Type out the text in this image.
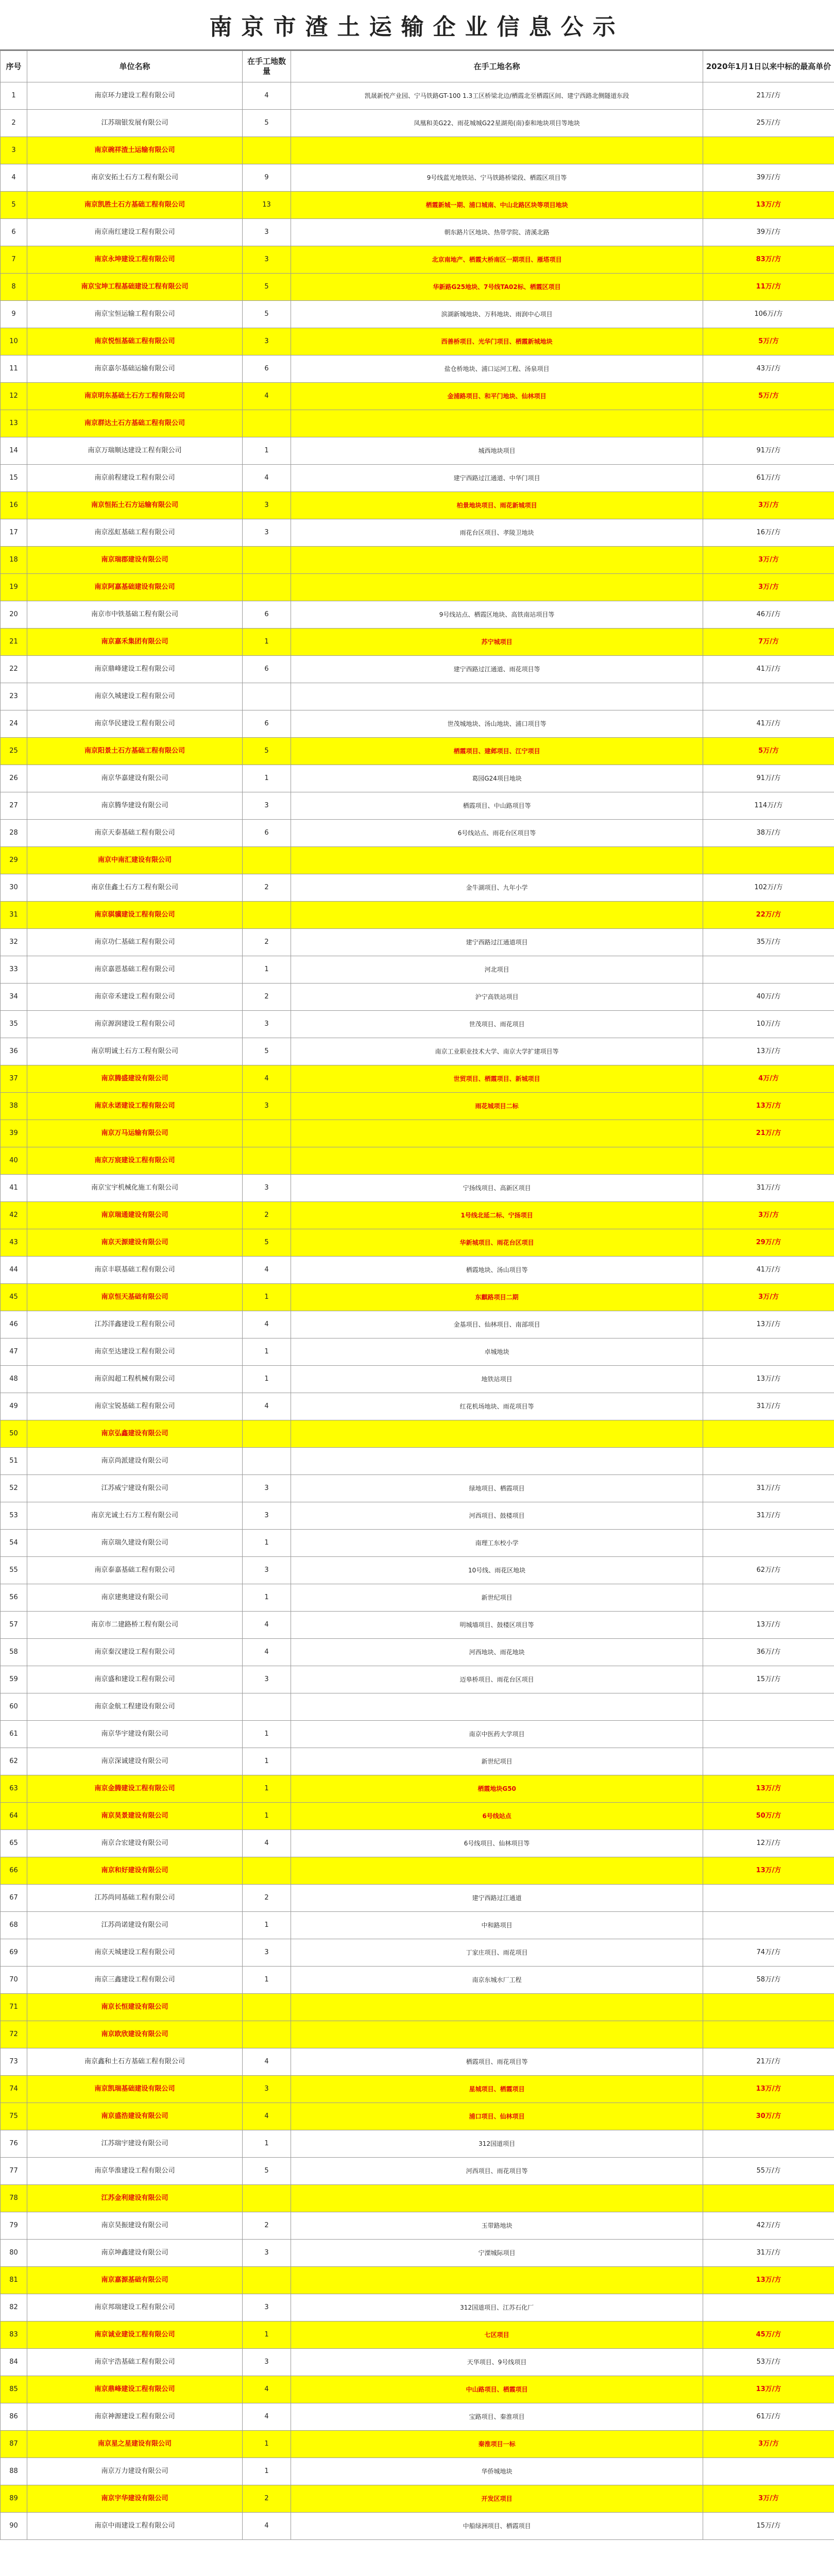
南京市渣土运输企业信息公示
序号	单位名称	在手工地数量	在手工地名称	2020年1月1日以来中标的最高单价
1	南京环力建设工程有限公司	4	凯晟新悦产业园、宁马铁路GT-100 1.3工区桥梁北边/栖霞北至栖霞区间、建宁西路北侧隧道东段	21万/方
2	江苏瑞银发展有限公司	5	凤凰和美G22、雨花城城G22星湖苑(南)泰和地块项目等地块	25万/方
3	南京碗祥渣土运输有限公司			
4	南京安拓土石方工程有限公司	9	9号线蓝光地铁站、宁马铁路桥梁段、栖霞区项目等	39万/方
5	南京凯胜土石方基础工程有限公司	13	栖霞新城一期、浦口城南、中山北路区块等项目地块	13万/方
6	南京南红建设工程有限公司	3	朝东路片区地块、热带学院、清溪北路	39万/方
7	南京永坤建设工程有限公司	3	北京南地产、栖霞大桥南区一期项目、雁塔项目	83万/方
8	南京宝坤工程基础建设工程有限公司	5	华新路G25地块、7号线TA02标、栖霞区项目	11万/方
9	南京宝恒运输工程有限公司	5	滨湖新城地块、万科地块、雨润中心项目	106万/方
10	南京悦恒基础工程有限公司	3	西善桥项目、光华门项目、栖霞新城地块	5万/方
11	南京嘉尔基础运输有限公司	6	盐仓桥地块、浦口运河工程、汤泉项目	43万/方
12	南京明东基础土石方工程有限公司	4	金浦路项目、和平门地块、仙林项目	5万/方
13	南京群达土石方基础工程有限公司			
14	南京万瑞顺达建设工程有限公司	1	城西地块项目	91万/方
15	南京前程建设工程有限公司	4	建宁西路过江通道、中华门项目	61万/方
16	南京恒拓土石方运输有限公司	3	柏景地块项目、雨花新城项目	3万/方
17	南京泓虹基础工程有限公司	3	雨花台区项目、孝陵卫地块	16万/方
18	南京瑞郡建设有限公司			3万/方
19	南京阿嘉基础建设有限公司			3万/方
20	南京市中铁基础工程有限公司	6	9号线站点、栖霞区地块、高铁南站项目等	46万/方
21	南京嘉禾集团有限公司	1	苏宁城项目	7万/方
22	南京鼎峰建设工程有限公司	6	建宁西路过江通道、雨花项目等	41万/方
23	南京久城建设工程有限公司			
24	南京华民建设工程有限公司	6	世茂城地块、汤山地块、浦口项目等	41万/方
25	南京阳景土石方基础工程有限公司	5	栖霞项目、建邺项目、江宁项目	5万/方
26	南京华嘉建设有限公司	1	葛园G24项目地块	91万/方
27	南京腾华建设有限公司	3	栖霞项目、中山路项目等	114万/方
28	南京天泰基础工程有限公司	6	6号线站点、雨花台区项目等	38万/方
29	南京中南汇建设有限公司			
30	南京佳鑫土石方工程有限公司	2	金牛湖项目、九年小学	102万/方
31	南京骐骥建设工程有限公司			22万/方
32	南京功仁基础工程有限公司	2	建宁西路过江通道项目	35万/方
33	南京嘉恩基础工程有限公司	1	河北项目	
34	南京帝禾建设工程有限公司	2	沪宁高铁站项目	40万/方
35	南京源润建设工程有限公司	3	世茂项目、雨花项目	10万/方
36	南京明诚土石方工程有限公司	5	南京工业职业技术大学、南京大学扩建项目等	13万/方
37	南京腾盛建设有限公司	4	世贸项目、栖霞项目、新城项目	4万/方
38	南京永诺建设工程有限公司	3	雨花城项目二标	13万/方
39	南京万马运输有限公司			21万/方
40	南京万宸建设工程有限公司			
41	南京宝宇机械化施工有限公司	3	宁扬线项目、高新区项目	31万/方
42	南京瑞通建设有限公司	2	1号线北延二标、宁扬项目	3万/方
43	南京天源建设有限公司	5	华新城项目、雨花台区项目	29万/方
44	南京丰联基础工程有限公司	4	栖霞地块、汤山项目等	41万/方
45	南京恒天基础有限公司	1	东麒路项目二期	3万/方
46	江苏洋鑫建设工程有限公司	4	金基项目、仙林项目、南部项目	13万/方
47	南京至达建设工程有限公司	1	卓城地块	
48	南京闳超工程机械有限公司	1	地铁站项目	13万/方
49	南京宝锐基础工程有限公司	4	红花机场地块、雨花项目等	31万/方
50	南京弘鑫建设有限公司			
51	南京尚派建设有限公司			
52	江苏威宁建设有限公司	3	绿地项目、栖霞项目	31万/方
53	南京光诚土石方工程有限公司	3	河西项目、鼓楼项目	31万/方
54	南京瑞久建设有限公司	1	南理工东校小学	
55	南京泰嘉基础工程有限公司	3	10号线、雨花区地块	62万/方
56	南京建奥建设有限公司	1	新世纪项目	
57	南京市二建路桥工程有限公司	4	明城墙项目、鼓楼区项目等	13万/方
58	南京秦汉建设工程有限公司	4	河西地块、雨花地块	36万/方
59	南京盛和建设工程有限公司	3	迈皋桥项目、雨花台区项目	15万/方
60	南京金航工程建设有限公司			
61	南京华宇建设有限公司	1	南京中医药大学项目	
62	南京深诚建设有限公司	1	新世纪项目	
63	南京金腾建设工程有限公司	1	栖霞地块G50	13万/方
64	南京昊景建设有限公司	1	6号线站点	50万/方
65	南京合宏建设有限公司	4	6号线项目、仙林项目等	12万/方
66	南京和好建设有限公司			13万/方
67	江苏尚同基础工程有限公司	2	建宁西路过江通道	
68	江苏尚诺建设有限公司	1	中和路项目	
69	南京天城建设工程有限公司	3	丁家庄项目、雨花项目	74万/方
70	南京三鑫建设工程有限公司	1	南京东城水厂工程	58万/方
71	南京长恒建设有限公司			
72	南京欧欣建设有限公司			
73	南京鑫和土石方基础工程有限公司	4	栖霞项目、雨花项目等	21万/方
74	南京凯瑞基础建设有限公司	3	星城项目、栖霞项目	13万/方
75	南京盛浩建设有限公司	4	浦口项目、仙林项目	30万/方
76	江苏瑞宇建设有限公司	1	312国道项目	
77	南京华淮建设工程有限公司	5	河西项目、雨花项目等	55万/方
78	江苏金利建设有限公司			
79	南京昊振建设有限公司	2	玉带路地块	42万/方
80	南京坤鑫建设有限公司	3	宁溧城际项目	31万/方
81	南京嘉源基础有限公司			13万/方
82	南京邦瑞建设工程有限公司	3	312国道项目、江苏石化厂	
83	南京诚业建设工程有限公司	1	七区项目	45万/方
84	南京宇浩基础工程有限公司	3	天华项目、9号线项目	53万/方
85	南京鼎峰建设工程有限公司	4	中山路项目、栖霞项目	13万/方
86	南京神源建设工程有限公司	4	宝路项目、秦淮项目	61万/方
87	南京星之星建设有限公司	1	秦淮项目一标	3万/方
88	南京万力建设有限公司	1	华侨城地块	
89	南京宇华建设有限公司	2	开发区项目	3万/方
90	南京中雨建设工程有限公司	4	中船绿洲项目、栖霞项目	15万/方
